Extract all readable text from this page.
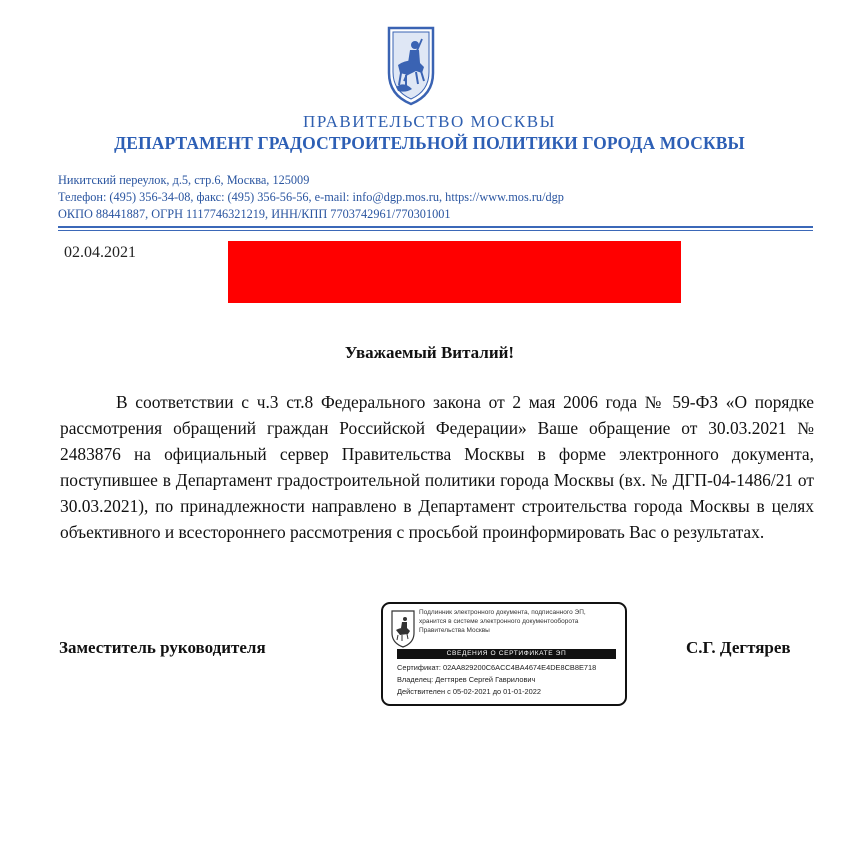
ПРАВИТЕЛЬСТВО МОСКВЫ
ДЕПАРТАМЕНТ ГРАДОСТРОИТЕЛЬНОЙ ПОЛИТИКИ ГОРОДА МОСКВЫ
Никитский переулок, д.5, стр.6, Москва, 125009
Телефон: (495) 356-34-08, факс: (495) 356-56-56, e-mail: info@dgp.mos.ru, https://www.mos.ru/dgp
ОКПО 88441887, ОГРН 1117746321219, ИНН/КПП 7703742961/770301001
02.04.2021
Уважаемый Виталий!
В соответствии с ч.3 ст.8 Федерального закона от 2 мая 2006 года № 59-ФЗ «О порядке рассмотрения обращений граждан Российской Федерации» Ваше обращение от 30.03.2021 № 2483876 на официальный сервер Правительства Москвы в форме электронного документа, поступившее в Департамент градостроительной политики города Москвы (вх. № ДГП-04-1486/21 от 30.03.2021), по принадлежности направлено в Департамент строительства города Москвы в целях объективного и всестороннего рассмотрения с просьбой проинформировать Вас о результатах.
Заместитель руководителя	С.Г. Дегтярев
Подлинник электронного документа, подписанного ЭП,
хранится в системе электронного документооборота
Правительства Москвы
СВЕДЕНИЯ О СЕРТИФИКАТЕ ЭП
Сертификат: 02AA829200C6ACC4BA4674E4DE8CB8E718
Владелец: Дегтярев Сергей Гаврилович
Действителен с 05-02-2021 до 01-01-2022
